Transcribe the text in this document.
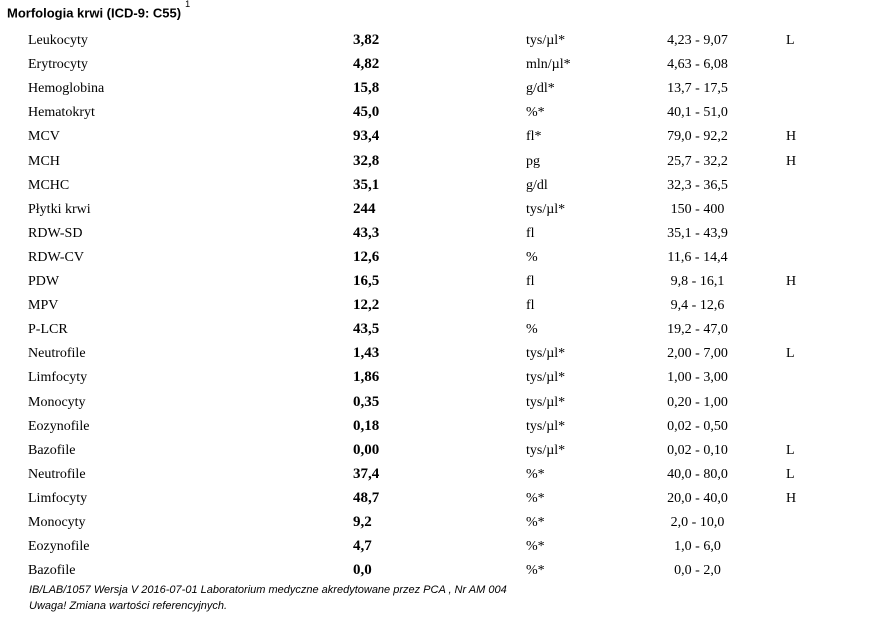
Morfologia krwi (ICD-9: C55)$^1$
Leukocyty	3,82	tys/µl*	4,23 - 9,07	L
Erytrocyty	4,82	mln/µl*	4,63 - 6,08
Hemoglobina	15,8	g/dl*	13,7 - 17,5
Hematokryt	45,0	%*	40,1 - 51,0
MCV	93,4	fl*	79,0 - 92,2	H
MCH	32,8	pg	25,7 - 32,2	H
MCHC	35,1	g/dl	32,3 - 36,5
Płytki krwi	244	tys/µl*	150 - 400
RDW-SD	43,3	fl	35,1 - 43,9
RDW-CV	12,6	%	11,6 - 14,4
PDW	16,5	fl	9,8 - 16,1	H
MPV	12,2	fl	9,4 - 12,6
P-LCR	43,5	%	19,2 - 47,0
Neutrofile	1,43	tys/µl*	2,00 - 7,00	L
Limfocyty	1,86	tys/µl*	1,00 - 3,00
Monocyty	0,35	tys/µl*	0,20 - 1,00
Eozynofile	0,18	tys/µl*	0,02 - 0,50
Bazofile	0,00	tys/µl*	0,02 - 0,10	L
Neutrofile	37,4	%*	40,0 - 80,0	L
Limfocyty	48,7	%*	20,0 - 40,0	H
Monocyty	9,2	%*	2,0 - 10,0
Eozynofile	4,7	%*	1,0 - 6,0
Bazofile	0,0	%*	0,0 - 2,0
IB/LAB/1057 Wersja V 2016-07-01 Laboratorium medyczne akredytowane przez PCA , Nr AM 004
Uwaga! Zmiana wartości referencyjnych.
